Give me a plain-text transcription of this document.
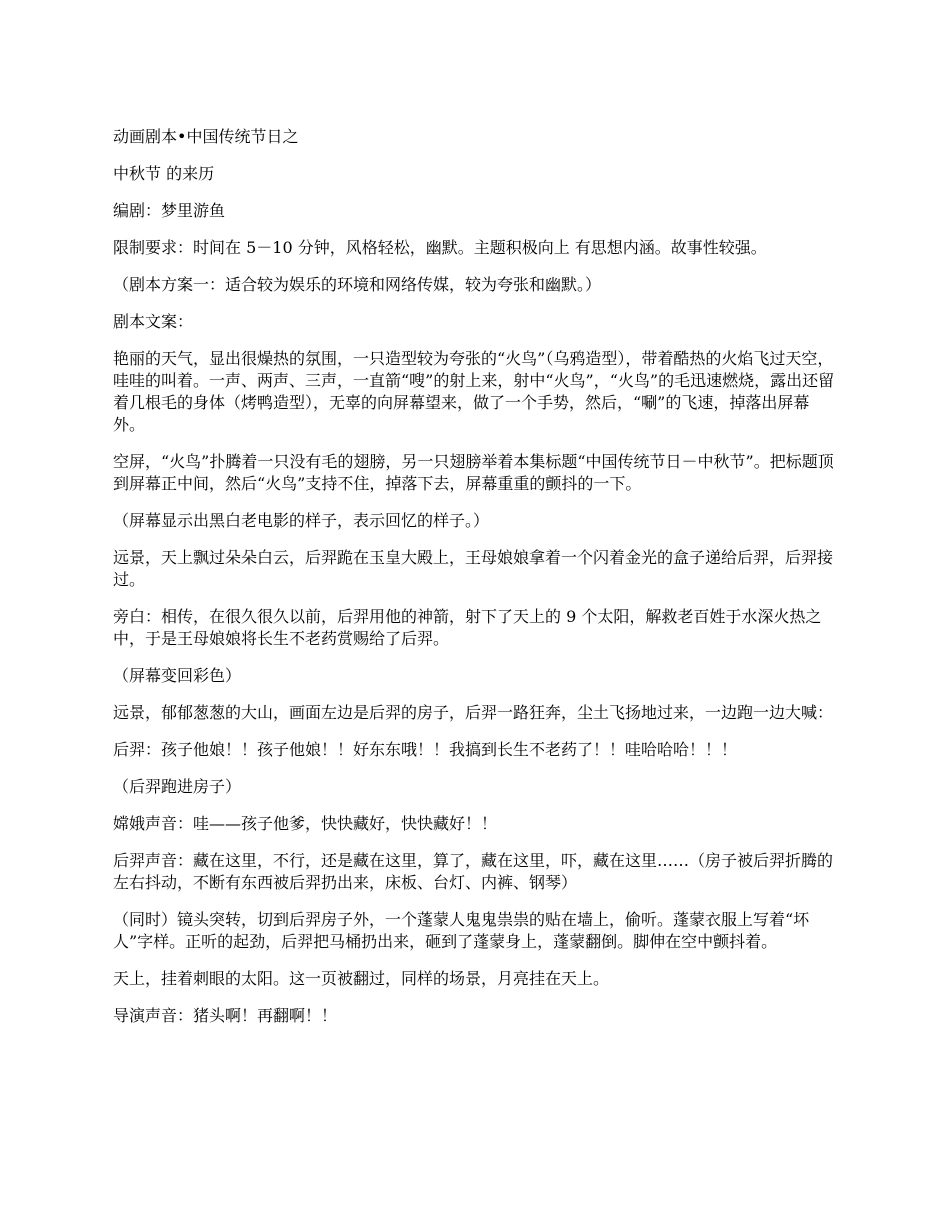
动画剧本•中国传统节日之

中秋节 的来历

编剧：梦里游鱼

限制要求：时间在 5－10 分钟，风格轻松，幽默。主题积极向上 有思想内涵。故事性较强。

（剧本方案一：适合较为娱乐的环境和网络传媒，较为夸张和幽默。）

剧本文案：

艳丽的天气，显出很燥热的氛围，一只造型较为夸张的“火鸟”（乌鸦造型），带着酷热的火焰飞过天空，哇哇的叫着。一声、两声、三声，一直箭“嗖”的射上来，射中“火鸟”，“火鸟”的毛迅速燃烧，露出还留着几根毛的身体（烤鸭造型），无辜的向屏幕望来，做了一个手势，然后，“唰”的飞速，掉落出屏幕外。

空屏，“火鸟”扑腾着一只没有毛的翅膀，另一只翅膀举着本集标题“中国传统节日－中秋节”。把标题顶到屏幕正中间，然后“火鸟”支持不住，掉落下去，屏幕重重的颤抖的一下。

（屏幕显示出黑白老电影的样子，表示回忆的样子。）

远景，天上飘过朵朵白云，后羿跪在玉皇大殿上，王母娘娘拿着一个闪着金光的盒子递给后羿，后羿接过。

旁白：相传，在很久很久以前，后羿用他的神箭，射下了天上的 9 个太阳，解救老百姓于水深火热之中，于是王母娘娘将长生不老药赏赐给了后羿。

（屏幕变回彩色）

远景，郁郁葱葱的大山，画面左边是后羿的房子，后羿一路狂奔，尘土飞扬地过来，一边跑一边大喊：

后羿：孩子他娘！！孩子他娘！！好东东哦！！我搞到长生不老药了！！哇哈哈哈！！！

（后羿跑进房子）

嫦娥声音：哇——孩子他爹，快快藏好，快快藏好！！

后羿声音：藏在这里，不行，还是藏在这里，算了，藏在这里，吓，藏在这里……（房子被后羿折腾的左右抖动，不断有东西被后羿扔出来，床板、台灯、内裤、钢琴）

（同时）镜头突转，切到后羿房子外，一个蓬蒙人鬼鬼祟祟的贴在墙上，偷听。蓬蒙衣服上写着“坏人”字样。正听的起劲，后羿把马桶扔出来，砸到了蓬蒙身上，蓬蒙翻倒。脚伸在空中颤抖着。

天上，挂着刺眼的太阳。这一页被翻过，同样的场景，月亮挂在天上。

导演声音：猪头啊！再翻啊！！
